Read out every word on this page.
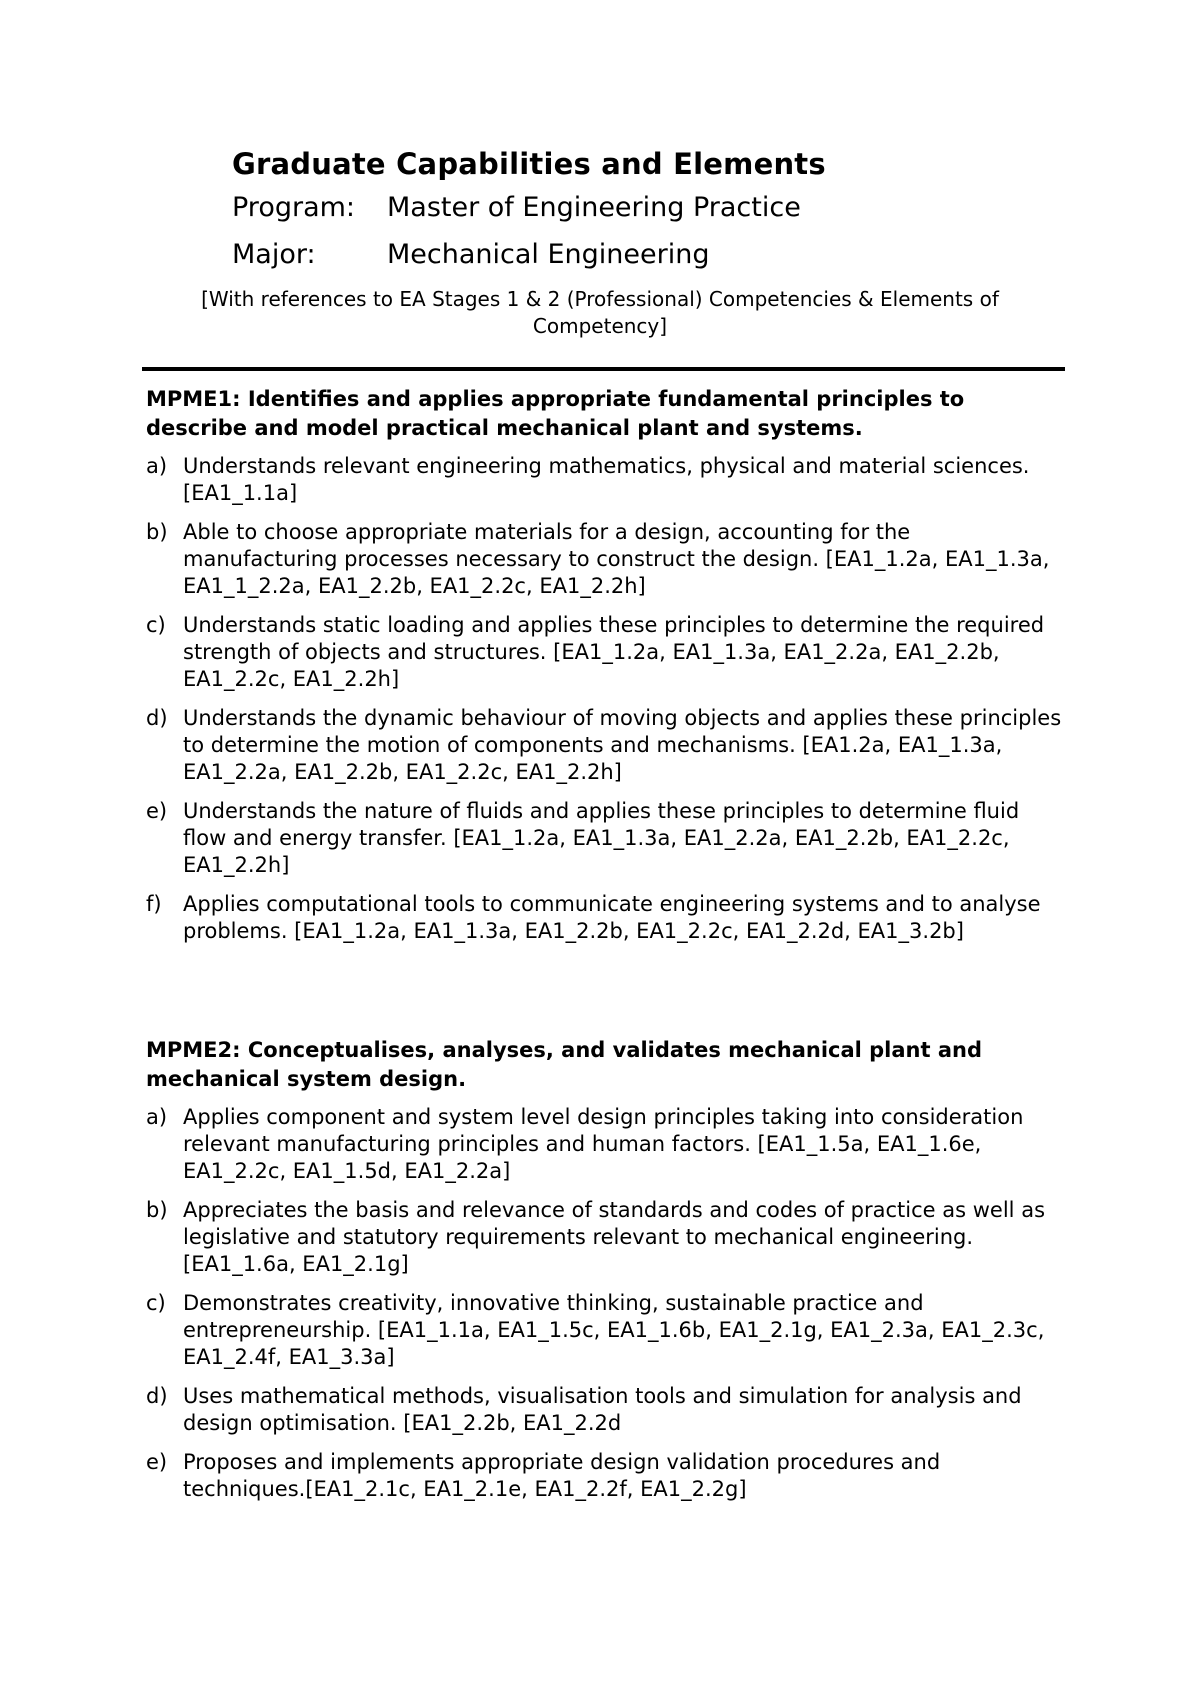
Graduate Capabilities and Elements
Program:	Master of Engineering Practice
Major:	Mechanical Engineering
[With references to EA Stages 1 & 2 (Professional) Competencies & Elements of Competency]

MPME1: Identifies and applies appropriate fundamental principles to describe and model practical mechanical plant and systems.

a) Understands relevant engineering mathematics, physical and material sciences. [EA1_1.1a]
b) Able to choose appropriate materials for a design, accounting for the manufacturing processes necessary to construct the design. [EA1_1.2a, EA1_1.3a, EA1_1_2.2a, EA1_2.2b, EA1_2.2c, EA1_2.2h]
c) Understands static loading and applies these principles to determine the required strength of objects and structures. [EA1_1.2a, EA1_1.3a, EA1_2.2a, EA1_2.2b, EA1_2.2c, EA1_2.2h]
d) Understands the dynamic behaviour of moving objects and applies these principles to determine the motion of components and mechanisms. [EA1.2a, EA1_1.3a, EA1_2.2a, EA1_2.2b, EA1_2.2c, EA1_2.2h]
e) Understands the nature of fluids and applies these principles to determine fluid flow and energy transfer. [EA1_1.2a, EA1_1.3a, EA1_2.2a, EA1_2.2b, EA1_2.2c, EA1_2.2h]
f)	Applies computational tools to communicate engineering systems and to analyse problems. [EA1_1.2a, EA1_1.3a, EA1_2.2b, EA1_2.2c, EA1_2.2d, EA1_3.2b]

MPME2: Conceptualises, analyses, and validates mechanical plant and mechanical system design.

a) Applies component and system level design principles taking into consideration relevant manufacturing principles and human factors. [EA1_1.5a, EA1_1.6e, EA1_2.2c, EA1_1.5d, EA1_2.2a]
b) Appreciates the basis and relevance of standards and codes of practice as well as legislative and statutory requirements relevant to mechanical engineering. [EA1_1.6a, EA1_2.1g]
c) Demonstrates creativity, innovative thinking, sustainable practice and entrepreneurship. [EA1_1.1a, EA1_1.5c, EA1_1.6b, EA1_2.1g, EA1_2.3a, EA1_2.3c, EA1_2.4f, EA1_3.3a]
d) Uses mathematical methods, visualisation tools and simulation for analysis and design optimisation. [EA1_2.2b, EA1_2.2d
e) Proposes and implements appropriate design validation procedures and techniques.[EA1_2.1c, EA1_2.1e, EA1_2.2f, EA1_2.2g]
